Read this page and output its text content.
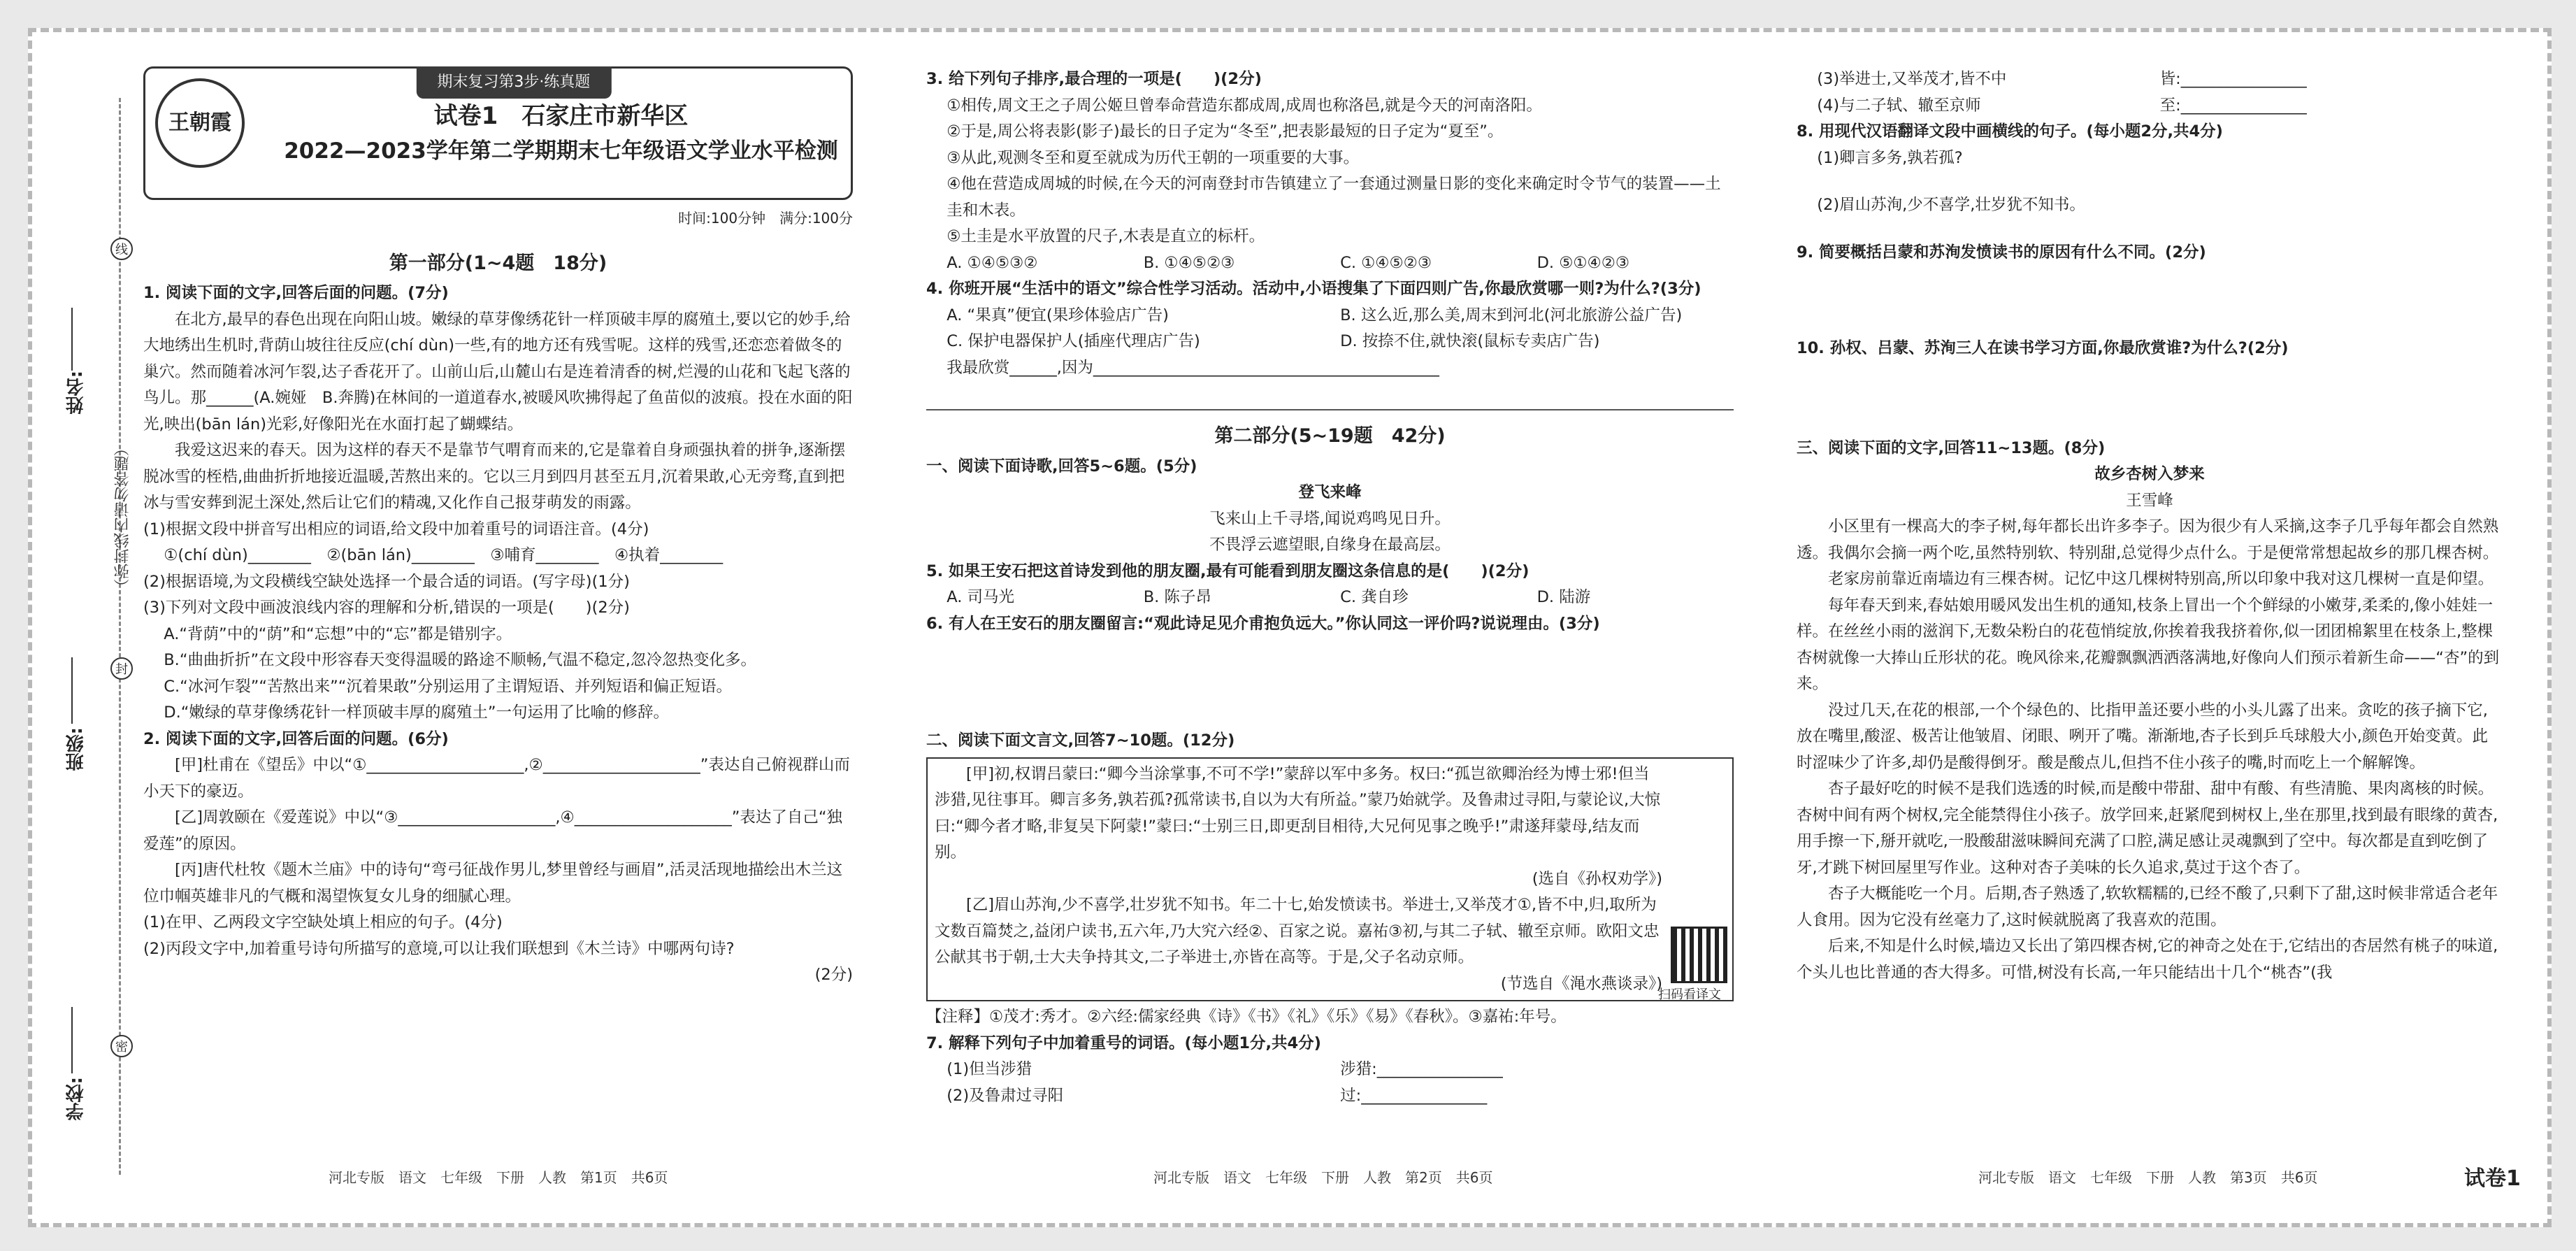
姓名:
班级:
学校:
（弥封线内请勿答题）
线
封
密
期末复习第3步·练真题
王朝霞	试卷1　石家庄市新华区
2022—2023学年第二学期期末七年级语文学业水平检测
时间:100分钟　满分:100分
第一部分(1~4题　18分)

1. 阅读下面的文字,回答后面的问题。(7分)

在北方,最早的春色出现在向阳山坡。嫩绿的草芽像绣花针一样顶破丰厚的腐殖土,要以它的妙手,给大地绣出生机时,背荫山坡往往反应(chí dùn)一些,有的地方还有残雪呢。这样的残雪,还恋恋着做冬的巢穴。然而随着冰河乍裂,达子香花开了。山前山后,山麓山右是连着清香的树,烂漫的山花和飞起飞落的鸟儿。那______(A.婉娅　B.奔腾)在林间的一道道春水,被暖风吹拂得起了鱼苗似的波痕。投在水面的阳光,映出(bān lán)光彩,好像阳光在水面打起了蝴蝶结。

我爱这迟来的春天。因为这样的春天不是靠节气喟育而来的,它是靠着自身顽强执着的拼争,逐渐摆脱冰雪的桎梏,曲曲折折地接近温暖,苦熬出来的。它以三月到四月甚至五月,沉着果敢,心无旁骛,直到把冰与雪安葬到泥土深处,然后让它们的精魂,又化作自己报芽萌发的雨露。

(1)根据文段中拼音写出相应的词语,给文段中加着重号的词语注音。(4分)

①(chí dùn)________　②(bān lán)________　③哺育________　④执着________

(2)根据语境,为文段横线空缺处选择一个最合适的词语。(写字母)(1分)

(3)下列对文段中画波浪线内容的理解和分析,错误的一项是(　　)(2分)

A.“背荫”中的“荫”和“忘想”中的“忘”都是错别字。

B.“曲曲折折”在文段中形容春天变得温暖的路途不顺畅,气温不稳定,忽冷忽热变化多。

C.“冰河乍裂”“苦熬出来”“沉着果敢”分别运用了主谓短语、并列短语和偏正短语。

D.“嫩绿的草芽像绣花针一样顶破丰厚的腐殖土”一句运用了比喻的修辞。

2. 阅读下面的文字,回答后面的问题。(6分)

[甲]杜甫在《望岳》中以“①____________________,②____________________”表达自己俯视群山而小天下的豪迈。

[乙]周敦颐在《爱莲说》中以“③____________________,④____________________”表达了自己“独爱莲”的原因。

[丙]唐代杜牧《题木兰庙》中的诗句“弯弓征战作男儿,梦里曾经与画眉”,活灵活现地描绘出木兰这位巾帼英雄非凡的气概和渴望恢复女儿身的细腻心理。

(1)在甲、乙两段文字空缺处填上相应的句子。(4分)

(2)丙段文字中,加着重号诗句所描写的意境,可以让我们联想到《木兰诗》中哪两句诗?

(2分)

河北专版　语文　七年级　下册　人教　第1页　共6页

3. 给下列句子排序,最合理的一项是(　　)(2分)

①相传,周文王之子周公姬旦曾奉命营造东都成周,成周也称洛邑,就是今天的河南洛阳。

②于是,周公将表影(影子)最长的日子定为“冬至”,把表影最短的日子定为“夏至”。

③从此,观测冬至和夏至就成为历代王朝的一项重要的大事。

④他在营造成周城的时候,在今天的河南登封市告镇建立了一套通过测量日影的变化来确定时令节气的装置——土圭和木表。

⑤土圭是水平放置的尺子,木表是直立的标杆。

A. ①④⑤③②	B. ①④⑤②③	C. ①④⑤②③	D. ⑤①④②③

4. 你班开展“生活中的语文”综合性学习活动。活动中,小语搜集了下面四则广告,你最欣赏哪一则?为什么?(3分)

A. “果真”便宜(果珍体验店广告)	B. 这么近,那么美,周末到河北(河北旅游公益广告)
C. 保护电器保护人(插座代理店广告)	D. 按捺不住,就快滚(鼠标专卖店广告)

我最欣赏______,因为____________________________________________

第二部分(5~19题　42分)

一、阅读下面诗歌,回答5~6题。(5分)

登飞来峰

飞来山上千寻塔,闻说鸡鸣见日升。

不畏浮云遮望眼,自缘身在最高层。

5. 如果王安石把这首诗发到他的朋友圈,最有可能看到朋友圈这条信息的是(　　)(2分)

A. 司马光	B. 陈子昂	C. 龚自珍	D. 陆游

6. 有人在王安石的朋友圈留言:“观此诗足见介甫抱负远大。”你认同这一评价吗?说说理由。(3分)

二、阅读下面文言文,回答7~10题。(12分)

[甲]初,权谓吕蒙曰:“卿今当涂掌事,不可不学!”蒙辞以军中多务。权曰:“孤岂欲卿治经为博士邪!但当涉猎,见往事耳。卿言多务,孰若孤?孤常读书,自以为大有所益。”蒙乃始就学。及鲁肃过寻阳,与蒙论议,大惊曰:“卿今者才略,非复吴下阿蒙!”蒙曰:“士别三日,即更刮目相待,大兄何见事之晚乎!”肃遂拜蒙母,结友而别。

(选自《孙权劝学》)

[乙]眉山苏洵,少不喜学,壮岁犹不知书。年二十七,始发愤读书。举进士,又举茂才①,皆不中,归,取所为文数百篇焚之,益闭户读书,五六年,乃大究六经②、百家之说。嘉祐③初,与其二子轼、辙至京师。欧阳文忠公献其书于朝,士大夫争持其文,二子举进士,亦皆在高等。于是,父子名动京师。

(节选自《渑水燕谈录》)

【注释】①茂才:秀才。②六经:儒家经典《诗》《书》《礼》《乐》《易》《春秋》。③嘉祐:年号。

7. 解释下列句子中加着重号的词语。(每小题1分,共4分)

(1)但当涉猎	涉猎:________________
(2)及鲁肃过寻阳	过:________________
扫码看译文
河北专版　语文　七年级　下册　人教　第2页　共6页
(3)举进士,又举茂才,皆不中	皆:________________
(4)与二子轼、辙至京师	至:________________

8. 用现代汉语翻译文段中画横线的句子。(每小题2分,共4分)

(1)卿言多务,孰若孤?

(2)眉山苏洵,少不喜学,壮岁犹不知书。

9. 简要概括吕蒙和苏洵发愤读书的原因有什么不同。(2分)

10. 孙权、吕蒙、苏洵三人在读书学习方面,你最欣赏谁?为什么?(2分)

三、阅读下面的文字,回答11~13题。(8分)

故乡杏树入梦来

王雪峰

小区里有一棵高大的李子树,每年都长出许多李子。因为很少有人采摘,这李子几乎每年都会自然熟透。我偶尔会摘一两个吃,虽然特别软、特别甜,总觉得少点什么。于是便常常想起故乡的那几棵杏树。

老家房前靠近南墙边有三棵杏树。记忆中这几棵树特别高,所以印象中我对这几棵树一直是仰望。

每年春天到来,春姑娘用暖风发出生机的通知,枝条上冒出一个个鲜绿的小嫩芽,柔柔的,像小娃娃一样。在丝丝小雨的滋润下,无数朵粉白的花苞悄绽放,你挨着我我挤着你,似一团团棉絮里在枝条上,整棵杏树就像一大捧山丘形状的花。晚风徐来,花瓣飘飘洒洒落满地,好像向人们预示着新生命——“杏”的到来。

没过几天,在花的根部,一个个绿色的、比指甲盖还要小些的小头儿露了出来。贪吃的孩子摘下它,放在嘴里,酸涩、极苦让他皱眉、闭眼、咧开了嘴。渐渐地,杏子长到乒乓球般大小,颜色开始变黄。此时涩味少了许多,却仍是酸得倒牙。酸是酸点儿,但挡不住小孩子的嘴,时而吃上一个解解馋。

杏子最好吃的时候不是我们选透的时候,而是酸中带甜、甜中有酸、有些清脆、果肉离核的时候。杏树中间有两个树权,完全能禁得住小孩子。放学回来,赶紧爬到树权上,坐在那里,找到最有眼缘的黄杏,用手擦一下,掰开就吃,一股酸甜滋味瞬间充满了口腔,满足感让灵魂飘到了空中。每次都是直到吃倒了牙,才跳下树回屋里写作业。这种对杏子美味的长久追求,莫过于这个杏了。

杏子大概能吃一个月。后期,杏子熟透了,软软糯糯的,已经不酸了,只剩下了甜,这时候非常适合老年人食用。因为它没有丝毫力了,这时候就脱离了我喜欢的范围。

后来,不知是什么时候,墙边又长出了第四棵杏树,它的神奇之处在于,它结出的杏居然有桃子的味道,个头儿也比普通的杏大得多。可惜,树没有长高,一年只能结出十几个“桃杏”(我

河北专版　语文　七年级　下册　人教　第3页　共6页	试卷1
